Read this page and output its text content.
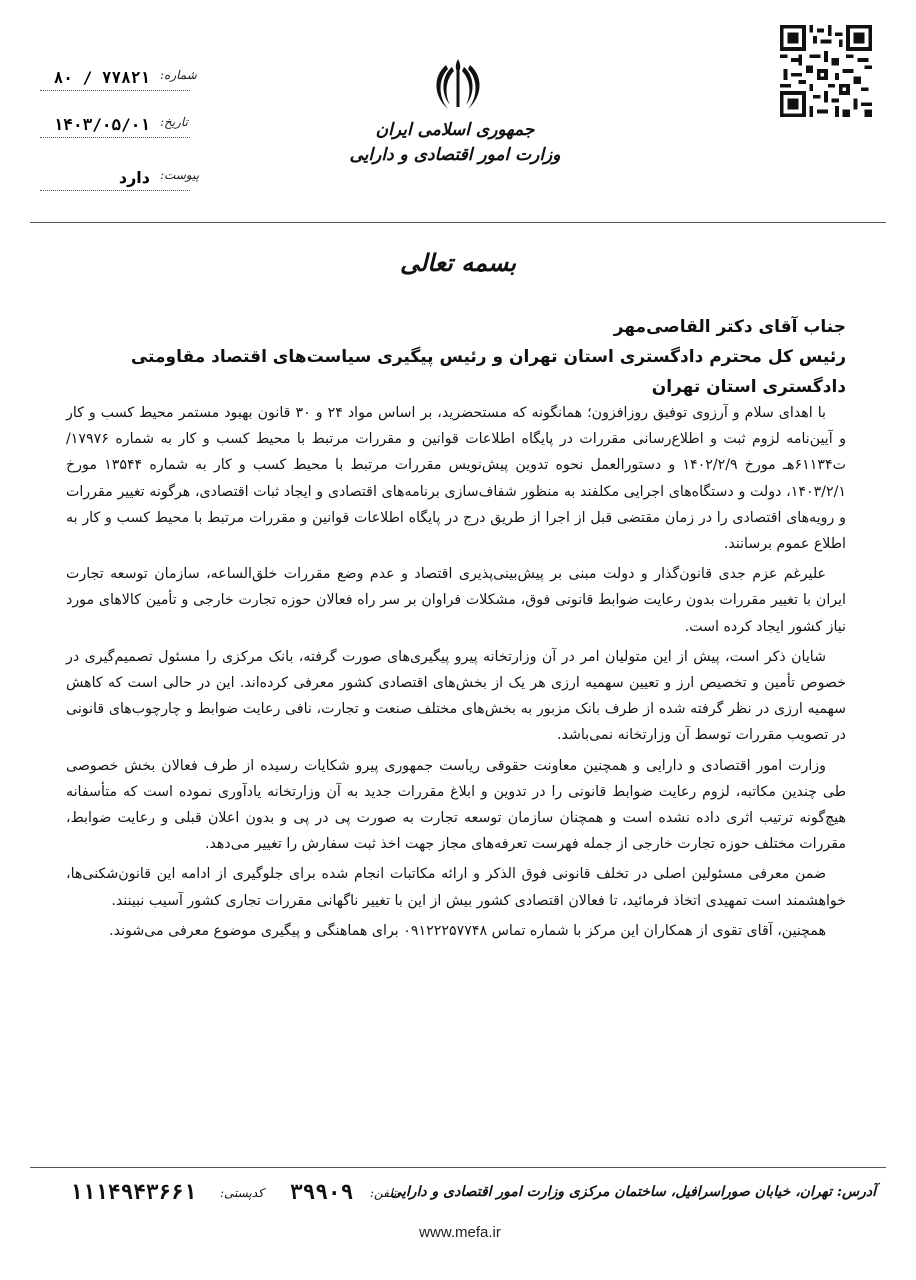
جمهوری اسلامی ایران
وزارت امور اقتصادی و دارایی
۸۰ / ۷۷۸۲۱ شماره:
۱۴۰۳/۰۵/۰۱ تاریخ:
دارد پیوست:
بسمه تعالی
جناب آقای دکتر القاصی‌مهر
رئیس کل محترم دادگستری استان تهران و رئیس پیگیری سیاست‌های اقتصاد مقاومتی دادگستری استان تهران

با اهدای سلام و آرزوی توفیق روزافزون؛ همانگونه که مستحضرید، بر اساس مواد ۲۴ و ۳۰ قانون بهبود مستمر محیط کسب و کار و آیین‌نامه لزوم ثبت و اطلاع‌رسانی مقررات در پایگاه اطلاعات قوانین و مقررات مرتبط با محیط کسب و کار به شماره ۱۷۹۷۶/ت۶۱۱۳۴هـ مورخ ۱۴۰۲/۲/۹ و دستورالعمل نحوه تدوین پیش‌نویس مقررات مرتبط با محیط کسب و کار به شماره ۱۳۵۴۴ مورخ ۱۴۰۳/۲/۱، دولت و دستگاه‌های اجرایی مکلفند به منظور شفاف‌سازی برنامه‌های اقتصادی و ایجاد ثبات اقتصادی، هرگونه تغییر مقررات و رویه‌های اقتصادی را در زمان مقتضی قبل از اجرا از طریق درج در پایگاه اطلاعات قوانین و مقررات مرتبط با محیط کسب و کار به اطلاع عموم برسانند.

علیرغم عزم جدی قانون‌گذار و دولت مبنی بر پیش‌بینی‌پذیری اقتصاد و عدم وضع مقررات خلق‌الساعه، سازمان توسعه تجارت ایران با تغییر مقررات بدون رعایت ضوابط قانونی فوق، مشکلات فراوان بر سر راه فعالان حوزه تجارت خارجی و تأمین کالاهای مورد نیاز کشور ایجاد کرده است.

شایان ذکر است، پیش از این متولیان امر در آن وزارتخانه پیرو پیگیری‌های صورت گرفته، بانک مرکزی را مسئول تصمیم‌گیری در خصوص تأمین و تخصیص ارز و تعیین سهمیه ارزی هر یک از بخش‌های اقتصادی کشور معرفی کرده‌اند. این در حالی است که کاهش سهمیه ارزی در نظر گرفته شده از طرف بانک مزبور به بخش‌های مختلف صنعت و تجارت، نافی رعایت ضوابط و چارچوب‌های قانونی در تصویب مقررات توسط آن وزارتخانه نمی‌باشد.

وزارت امور اقتصادی و دارایی و همچنین معاونت حقوقی ریاست جمهوری پیرو شکایات رسیده از طرف فعالان بخش خصوصی طی چندین مکاتبه، لزوم رعایت ضوابط قانونی را در تدوین و ابلاغ مقررات جدید به آن وزارتخانه یادآوری نموده است که متأسفانه هیچ‌گونه ترتیب اثری داده نشده است و همچنان سازمان توسعه تجارت به صورت پی در پی و بدون اعلان قبلی و رعایت ضوابط، مقررات مختلف حوزه تجارت خارجی از جمله فهرست تعرفه‌های مجاز جهت اخذ ثبت سفارش را تغییر می‌دهد.

ضمن معرفی مسئولین اصلی در تخلف قانونی فوق الذکر و ارائه مکاتبات انجام شده برای جلوگیری از ادامه این قانون‌شکنی‌ها، خواهشمند است تمهیدی اتخاذ فرمائید، تا فعالان اقتصادی کشور بیش از این با تغییر ناگهانی مقررات تجاری کشور آسیب نبینند.

همچنین، آقای تقوی از همکاران این مرکز با شماره تماس ۰۹۱۲۲۲۵۷۷۴۸ برای هماهنگی و پیگیری موضوع معرفی می‌شوند.

آدرس: تهران، خیابان صوراسرافیل، ساختمان مرکزی وزارت امور اقتصادی و دارایی
تلفن:
۳۹۹۰۹
کدپستی:
۱۱۱۴۹۴۳۶۶۱
www.mefa.ir
